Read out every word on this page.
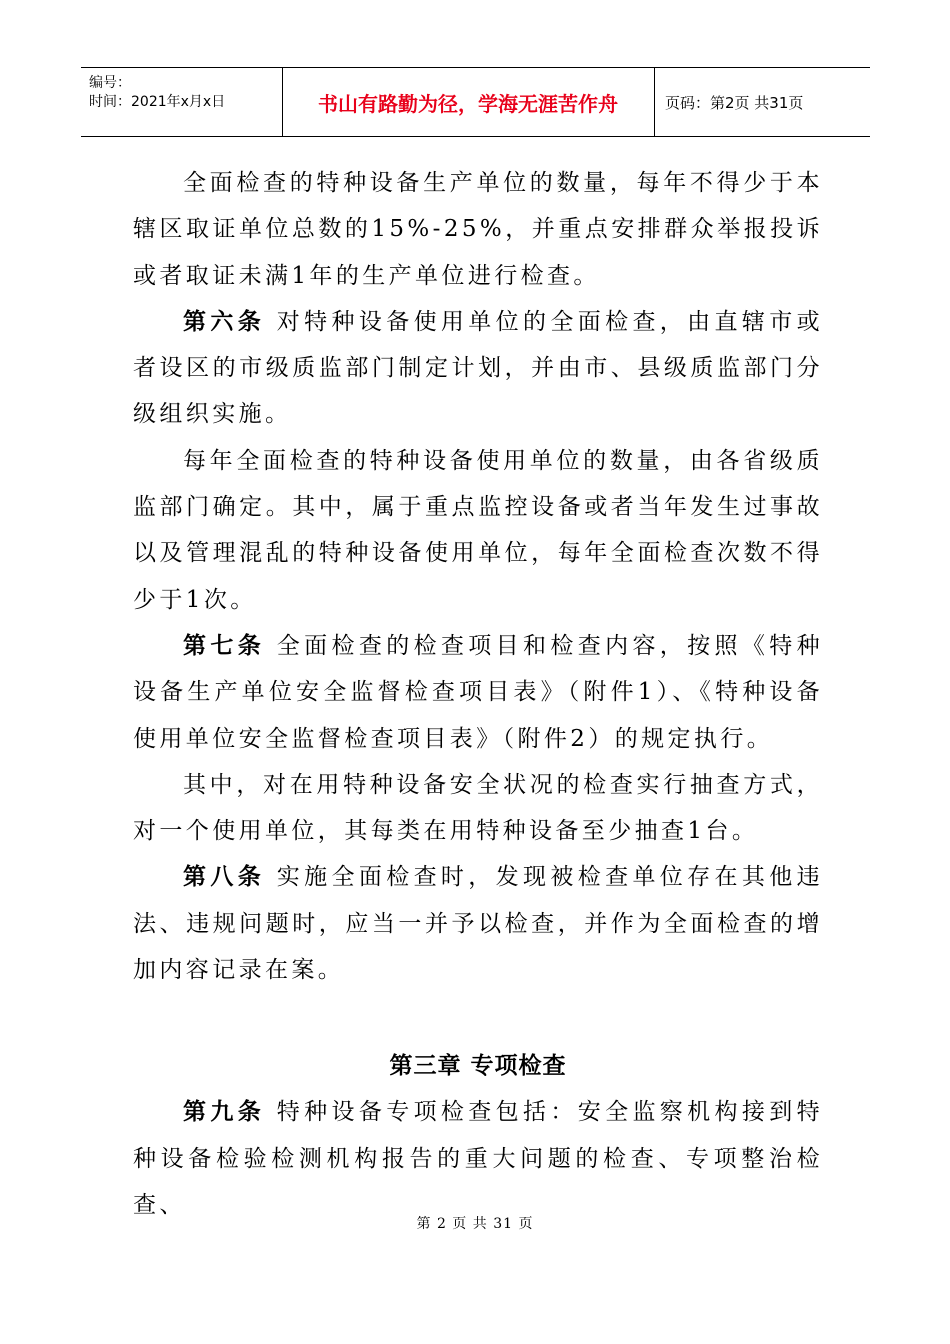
编号：
时间：2021年x月x日	书山有路勤为径，学海无涯苦作舟	页码：第2页 共31页

全面检查的特种设备生产单位的数量，每年不得少于本辖区取证单位总数的15%-25%，并重点安排群众举报投诉或者取证未满1年的生产单位进行检查。

第六条 对特种设备使用单位的全面检查，由直辖市或者设区的市级质监部门制定计划，并由市、县级质监部门分级组织实施。

每年全面检查的特种设备使用单位的数量，由各省级质监部门确定。其中，属于重点监控设备或者当年发生过事故以及管理混乱的特种设备使用单位，每年全面检查次数不得少于1次。

第七条 全面检查的检查项目和检查内容，按照《特种设备生产单位安全监督检查项目表》（附件1）、《特种设备使用单位安全监督检查项目表》（附件2）的规定执行。

其中，对在用特种设备安全状况的检查实行抽查方式，对一个使用单位，其每类在用特种设备至少抽查1台。

第八条 实施全面检查时，发现被检查单位存在其他违法、违规问题时，应当一并予以检查，并作为全面检查的增加内容记录在案。

第三章 专项检查

第九条 特种设备专项检查包括：安全监察机构接到特种设备检验检测机构报告的重大问题的检查、专项整治检查、

第 2 页 共 31 页
